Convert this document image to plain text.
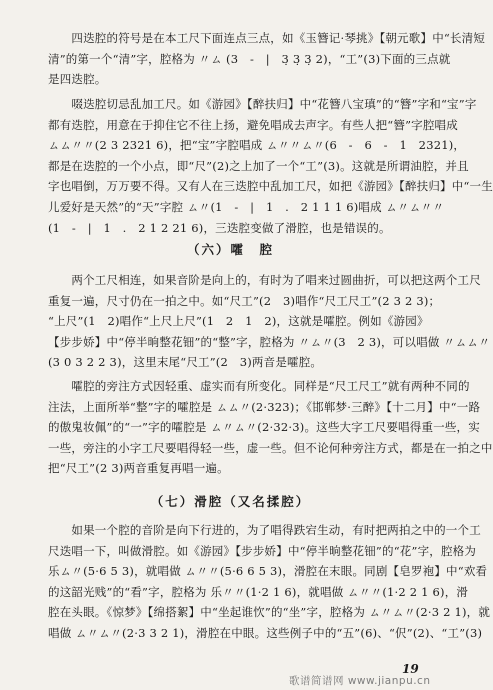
　　四迭腔的符号是在本工尺下面连点三点，如《玉簪记·琴挑》【朝元歌】中“长清短
清”的第一个“清”字，腔格为 〃ㄙ (3　-　|　3̣ 3̣ 3̣ 2)，“工”(3)下面的三点就
是四迭腔。

　　啜迭腔切忌乱加工尺。如《游园》【醉扶归】中“花簪八宝瑱”的“簪”字和“宝”字
都有迭腔，用意在于抑住它不往上扬，避免唱成去声字。有些人把“簪”字腔唱成
ㄙㄙ〃〃(2 3 2321 6)，把“宝”字腔唱成 ㄙ〃〃ㄙ〃(6　-　6　-　1　2321)，
都是在迭腔的一个小点，即“尺”(2)之上加了一个“工”(3)。这就是所谓油腔，并且
字也唱倒，万万要不得。又有人在三迭腔中乱加工尺，如把《游园》【醉扶归】中“一生
儿爱好是天然”的“天”字腔 ㄙ〃(1　-　|　1　.　2 1 1 1 6)唱成 ㄙ〃ㄙ〃〃
(1　-　|　1　.　2 1 2 21 6)，三迭腔变做了滑腔，也是错误的。

（六）嚯　腔

　　两个工尺相连，如果音阶是向上的，有时为了唱来过圆曲折，可以把这两个工尺
重复一遍，尺寸仍在一拍之中。如“尺工”(2　3)唱作“尺工尺工”(2 3 2 3)；
“上尺”(1　2)唱作“上尺上尺”(1　2　1　2)，这就是嚯腔。例如《游园》
【步步娇】中“停半晌整花钿”的“整”字，腔格为 〃ㄙ〃(3　2 3)，可以唱做 〃ㄙㄙ〃
(3 0 3 2 2 3)，这里末尾“尺工”(2　3)两音是嚯腔。

　　嚯腔的旁注方式因轻重、虚实而有所变化。同样是“尺工尺工”就有两种不同的
注法，上面所举“整”字的嚯腔是 ㄙㄙ〃(2·323)；《邯郸梦·三醉》【十二月】中“一路
的傲鬼妆佩”的“一”字的嚯腔是 ㄙ〃ㄙ〃(2·32·3)。这些大字工尺要唱得重一些，实
一些，旁注的小字工尺要唱得轻一些，虚一些。但不论何种旁注方式，都是在一拍之中
把“尺工”(2 3)两音重复再唱一遍。

（七）滑腔（又名揉腔）

　　如果一个腔的音阶是向下行进的，为了唱得跌宕生动，有时把两拍之中的一个工
尺迭唱一下，叫做滑腔。如《游园》【步步娇】中“停半晌整花钿”的“花”字，腔格为
乐ㄙ〃(5·6 5 3)，就唱做 ㄙ〃〃(5·6 6 5 3)，滑腔在末眼。同剧【皂罗袍】中“欢看
的这韶光贱”的“看”字，腔格为 乐〃〃(1·2 1 6)，就唱做 ㄙ〃〃(1·2 2 1 6)，滑
腔在头眼。《惊梦》【绵搭絮】中“坐起谁忺”的“坐”字，腔格为 ㄙ〃ㄙ〃(2·3 2 1)，就
唱做 ㄙ〃ㄙ〃(2·3 3 2 1)，滑腔在中眼。这些例子中的“五”(6)、“伬”(2)、“工”(3)

19
歌谱简谱网 www.jianpu.cn
